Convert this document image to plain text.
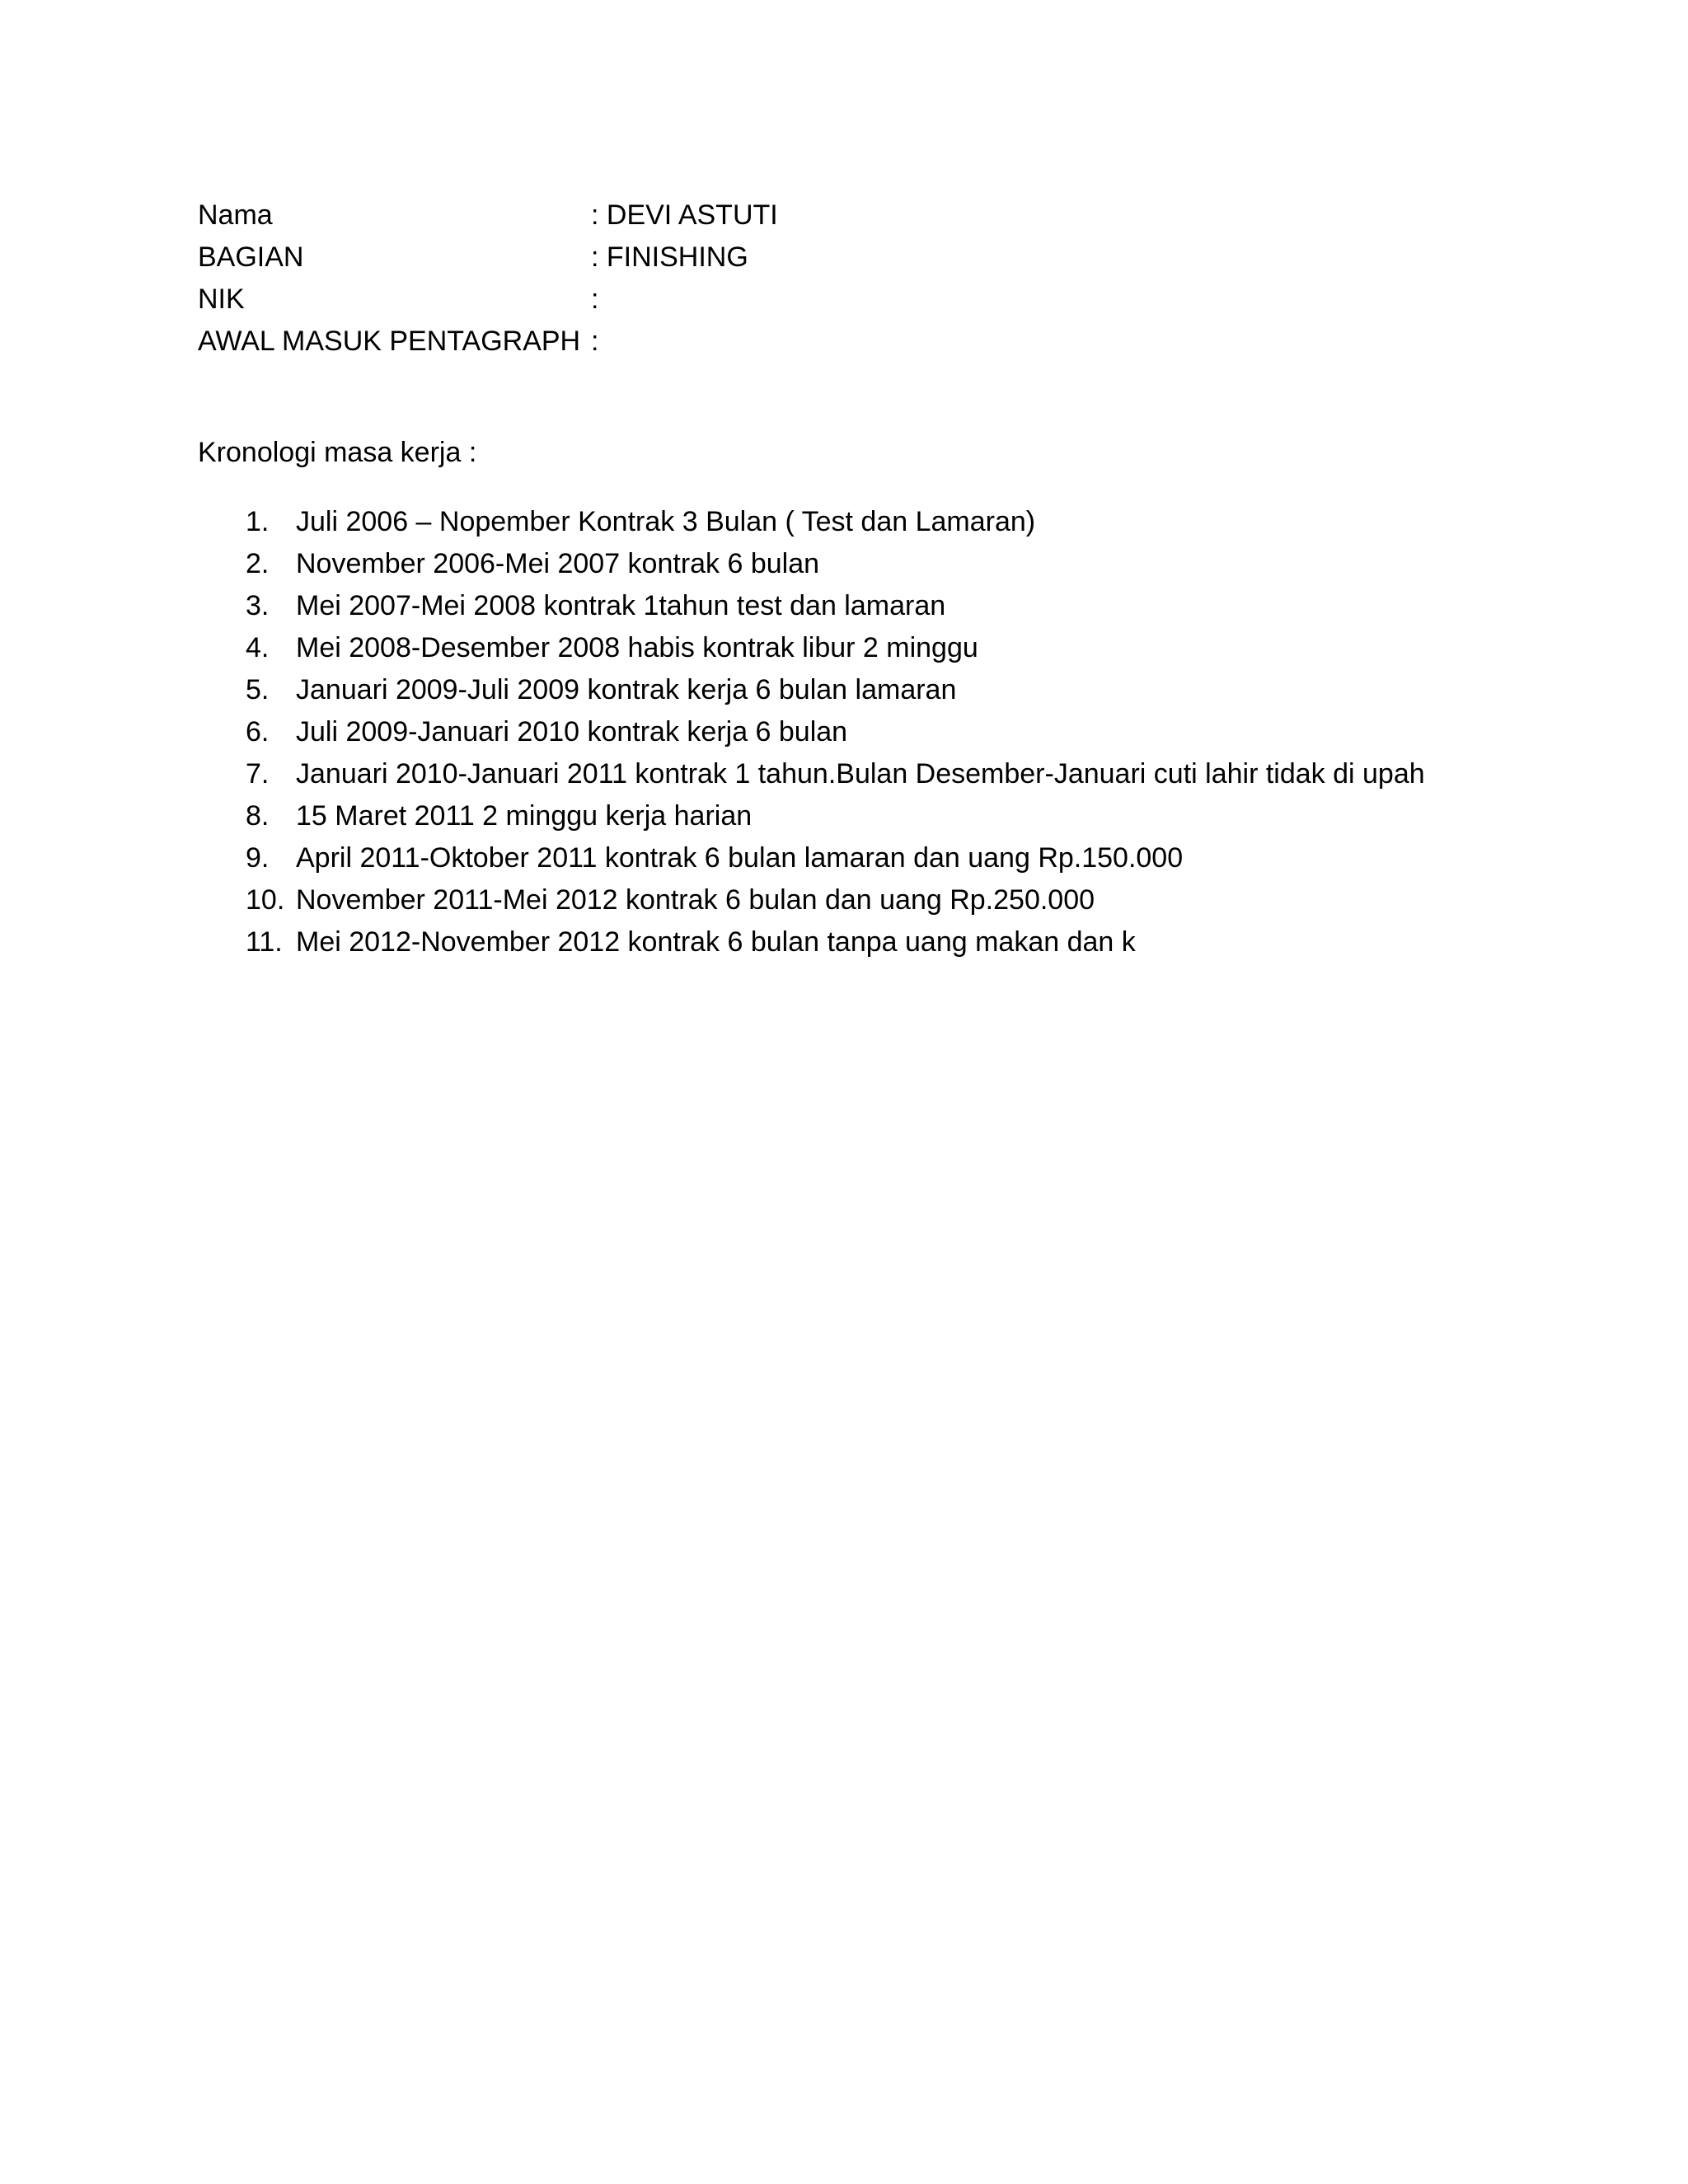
Nama	: DEVI ASTUTI
BAGIAN	: FINISHING
NIK	:
AWAL MASUK PENTAGRAPH :
Kronologi masa kerja :
1. Juli 2006 – Nopember Kontrak 3 Bulan ( Test dan Lamaran)
2. November 2006-Mei 2007 kontrak 6 bulan
3. Mei 2007-Mei 2008 kontrak 1tahun test dan lamaran
4. Mei 2008-Desember 2008 habis kontrak libur 2 minggu
5. Januari 2009-Juli 2009 kontrak kerja 6 bulan lamaran
6. Juli 2009-Januari 2010 kontrak kerja 6 bulan
7. Januari 2010-Januari 2011 kontrak 1 tahun.Bulan Desember-Januari cuti lahir tidak di upah
8. 15 Maret 2011 2 minggu kerja harian
9. April 2011-Oktober 2011 kontrak 6 bulan lamaran dan uang Rp.150.000
10. November 2011-Mei 2012 kontrak 6 bulan dan uang Rp.250.000
11. Mei 2012-November 2012 kontrak 6 bulan tanpa uang makan dan k
